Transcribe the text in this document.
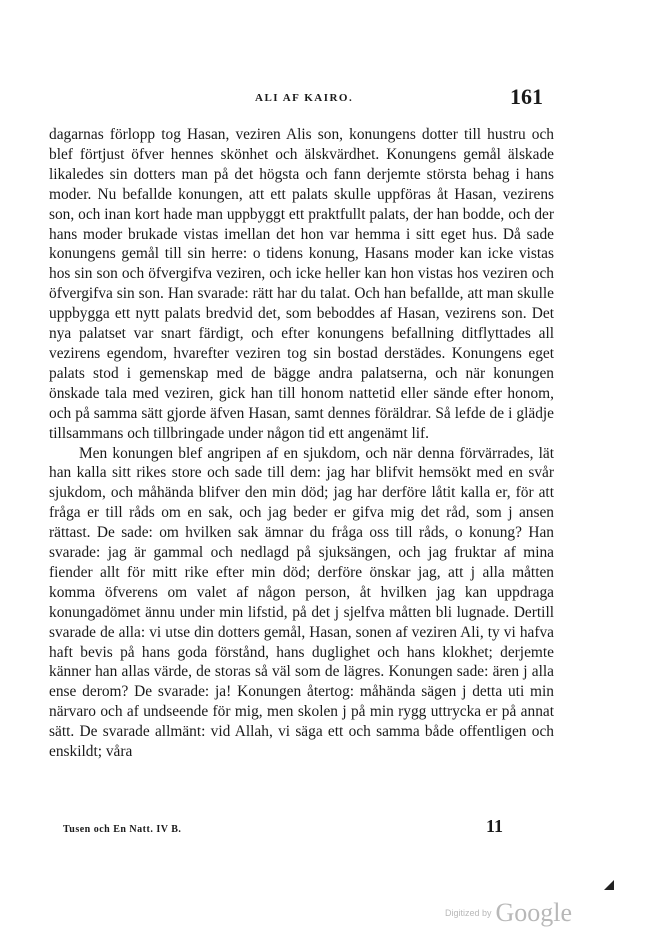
ALI AF KAIRO.	161

dagarnas förlopp tog Hasan, veziren Alis son, konungens dotter till hustru och blef förtjust öfver hennes skönhet och älskvärdhet. Konungens gemål älskade likaledes sin dotters man på det högsta och fann derjemte största behag i hans moder. Nu befallde konungen, att ett palats skulle uppföras åt Hasan, vezirens son, och inan kort hade man uppbyggt ett praktfullt palats, der han bodde, och der hans moder brukade vistas imellan det hon var hemma i sitt eget hus. Då sade konungens gemål till sin herre: o tidens konung, Hasans moder kan icke vistas hos sin son och öfvergifva veziren, och icke heller kan hon vistas hos veziren och öfvergifva sin son. Han svarade: rätt har du talat. Och han befallde, att man skulle uppbygga ett nytt palats bredvid det, som beboddes af Hasan, vezirens son. Det nya palatset var snart färdigt, och efter konungens befallning ditflyttades all vezirens egendom, hvarefter veziren tog sin bostad derstädes. Konungens eget palats stod i gemenskap med de bägge andra palatserna, och när konungen önskade tala med veziren, gick han till honom nattetid eller sände efter honom, och på samma sätt gjorde äfven Hasan, samt dennes föräldrar. Så lefde de i glädje tillsammans och tillbringade under någon tid ett angenämt lif.

Men konungen blef angripen af en sjukdom, och när denna förvärrades, lät han kalla sitt rikes store och sade till dem: jag har blifvit hemsökt med en svår sjukdom, och måhända blifver den min död; jag har derföre låtit kalla er, för att fråga er till råds om en sak, och jag beder er gifva mig det råd, som j ansen rättast. De sade: om hvilken sak ämnar du fråga oss till råds, o konung? Han svarade: jag är gammal och nedlagd på sjuksängen, och jag fruktar af mina fiender allt för mitt rike efter min död; derföre önskar jag, att j alla måtten komma öfverens om valet af någon person, åt hvilken jag kan uppdraga konungadömet ännu under min lifstid, på det j sjelfva måtten bli lugnade. Dertill svarade de alla: vi utse din dotters gemål, Hasan, sonen af veziren Ali, ty vi hafva haft bevis på hans goda förstånd, hans duglighet och hans klokhet; derjemte känner han allas värde, de storas så väl som de lägres. Konungen sade: ären j alla ense derom? De svarade: ja! Konungen återtog: måhända sägen j detta uti min närvaro och af undseende för mig, men skolen j på min rygg uttrycka er på annat sätt. De svarade allmänt: vid Allah, vi säga ett och samma både offentligen och enskildt; våra

Tusen och En Natt. IV B.	11
Digitized by Google
